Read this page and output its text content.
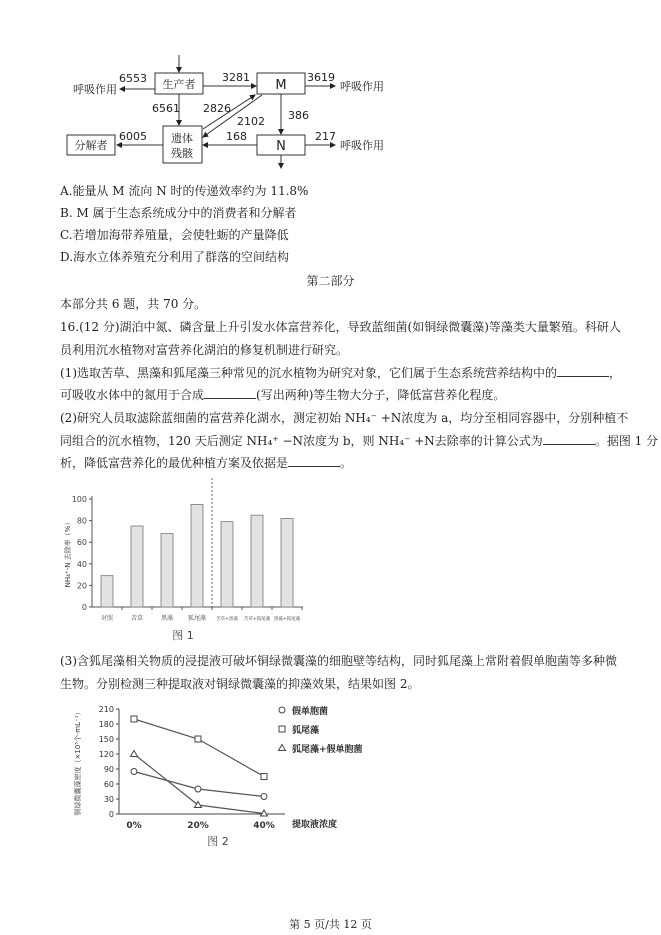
生产者	M
遗体
残骸	N
分解者
呼吸作用	呼吸作用
呼吸作用
6553	3281	3619
6561 2826
2102 386
6005	168	217
A.能量从 M 流向 N 时的传递效率约为 11.8%
B. M 属于生态系统成分中的消费者和分解者
C.若增加海带养殖量，会使牡蛎的产量降低
D.海水立体养殖充分利用了群落的空间结构
第二部分
本部分共 6 题，共 70 分。
16.(12 分)湖泊中氮、磷含量上升引发水体富营养化，导致蓝细菌(如铜绿微囊藻)等藻类大量繁殖。科研人
员利用沉水植物对富营养化湖泊的修复机制进行研究。
(1)选取苦草、黑藻和狐尾藻三种常见的沉水植物为研究对象，它们属于生态系统营养结构中的	，
可吸收水体中的氮用于合成	(写出两种)等生物大分子，降低富营养化程度。
(2)研究人员取滤除蓝细菌的富营养化湖水，测定初始 NH₄⁻ +N浓度为 a，均分至相同容器中，分别种植不
同组合的沉水植物，120 天后测定 NH₄⁺ −N浓度为 b，则 NH₄⁻ +N去除率的计算公式为	。据图 1 分
析，降低富营养化的最优种植方案及依据是	。
0
20
40
60
80
100
对照	苦草	黑藻 狐尾藻 苦草+黑藻 苦草+狐尾藻 黑藻+狐尾藻
NH₄⁺-N 去除率（%）
图 1
(3)含狐尾藻相关物质的浸提液可破坏铜绿微囊藻的细胞壁等结构，同时狐尾藻上常附着假单胞菌等多种微
生物。分别检测三种提取液对铜绿微囊藻的抑藻效果，结果如图 2。
0
30
60
90
120
150
180
210
0%	20%	40% 提取液浓度
铜绿微囊藻密度（×10⁵个·mL⁻¹）	假单胞菌
狐尾藻
狐尾藻+假单胞菌
图 2
第 5 页/共 12 页
